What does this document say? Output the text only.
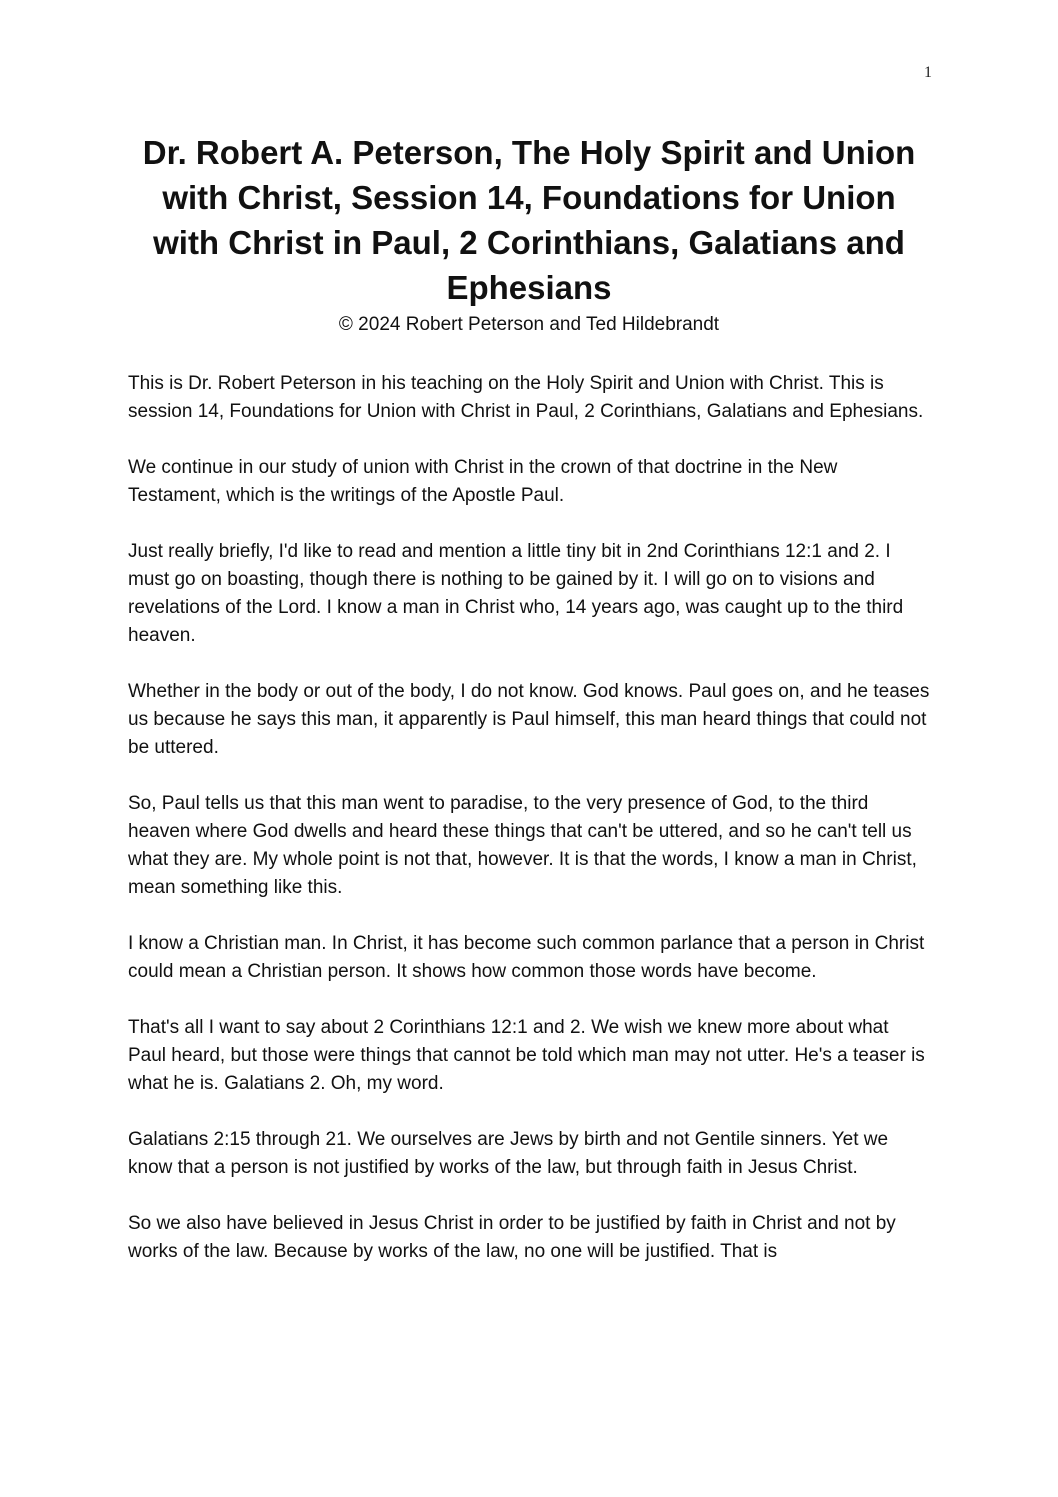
1
Dr. Robert A. Peterson, The Holy Spirit and Union with Christ, Session 14, Foundations for Union with Christ in Paul, 2 Corinthians, Galatians and Ephesians
© 2024 Robert Peterson and Ted Hildebrandt

This is Dr. Robert Peterson in his teaching on the Holy Spirit and Union with Christ. This is session 14, Foundations for Union with Christ in Paul, 2 Corinthians, Galatians and Ephesians.

We continue in our study of union with Christ in the crown of that doctrine in the New Testament, which is the writings of the Apostle Paul.

Just really briefly, I'd like to read and mention a little tiny bit in 2nd Corinthians 12:1 and 2. I must go on boasting, though there is nothing to be gained by it. I will go on to visions and revelations of the Lord. I know a man in Christ who, 14 years ago, was caught up to the third heaven.

Whether in the body or out of the body, I do not know. God knows. Paul goes on, and he teases us because he says this man, it apparently is Paul himself, this man heard things that could not be uttered.

So, Paul tells us that this man went to paradise, to the very presence of God, to the third heaven where God dwells and heard these things that can't be uttered, and so he can't tell us what they are. My whole point is not that, however. It is that the words, I know a man in Christ, mean something like this.

I know a Christian man. In Christ, it has become such common parlance that a person in Christ could mean a Christian person. It shows how common those words have become.

That's all I want to say about 2 Corinthians 12:1 and 2. We wish we knew more about what Paul heard, but those were things that cannot be told which man may not utter. He's a teaser is what he is. Galatians 2. Oh, my word.

Galatians 2:15 through 21. We ourselves are Jews by birth and not Gentile sinners. Yet we know that a person is not justified by works of the law, but through faith in Jesus Christ.

So we also have believed in Jesus Christ in order to be justified by faith in Christ and not by works of the law. Because by works of the law, no one will be justified. That is
